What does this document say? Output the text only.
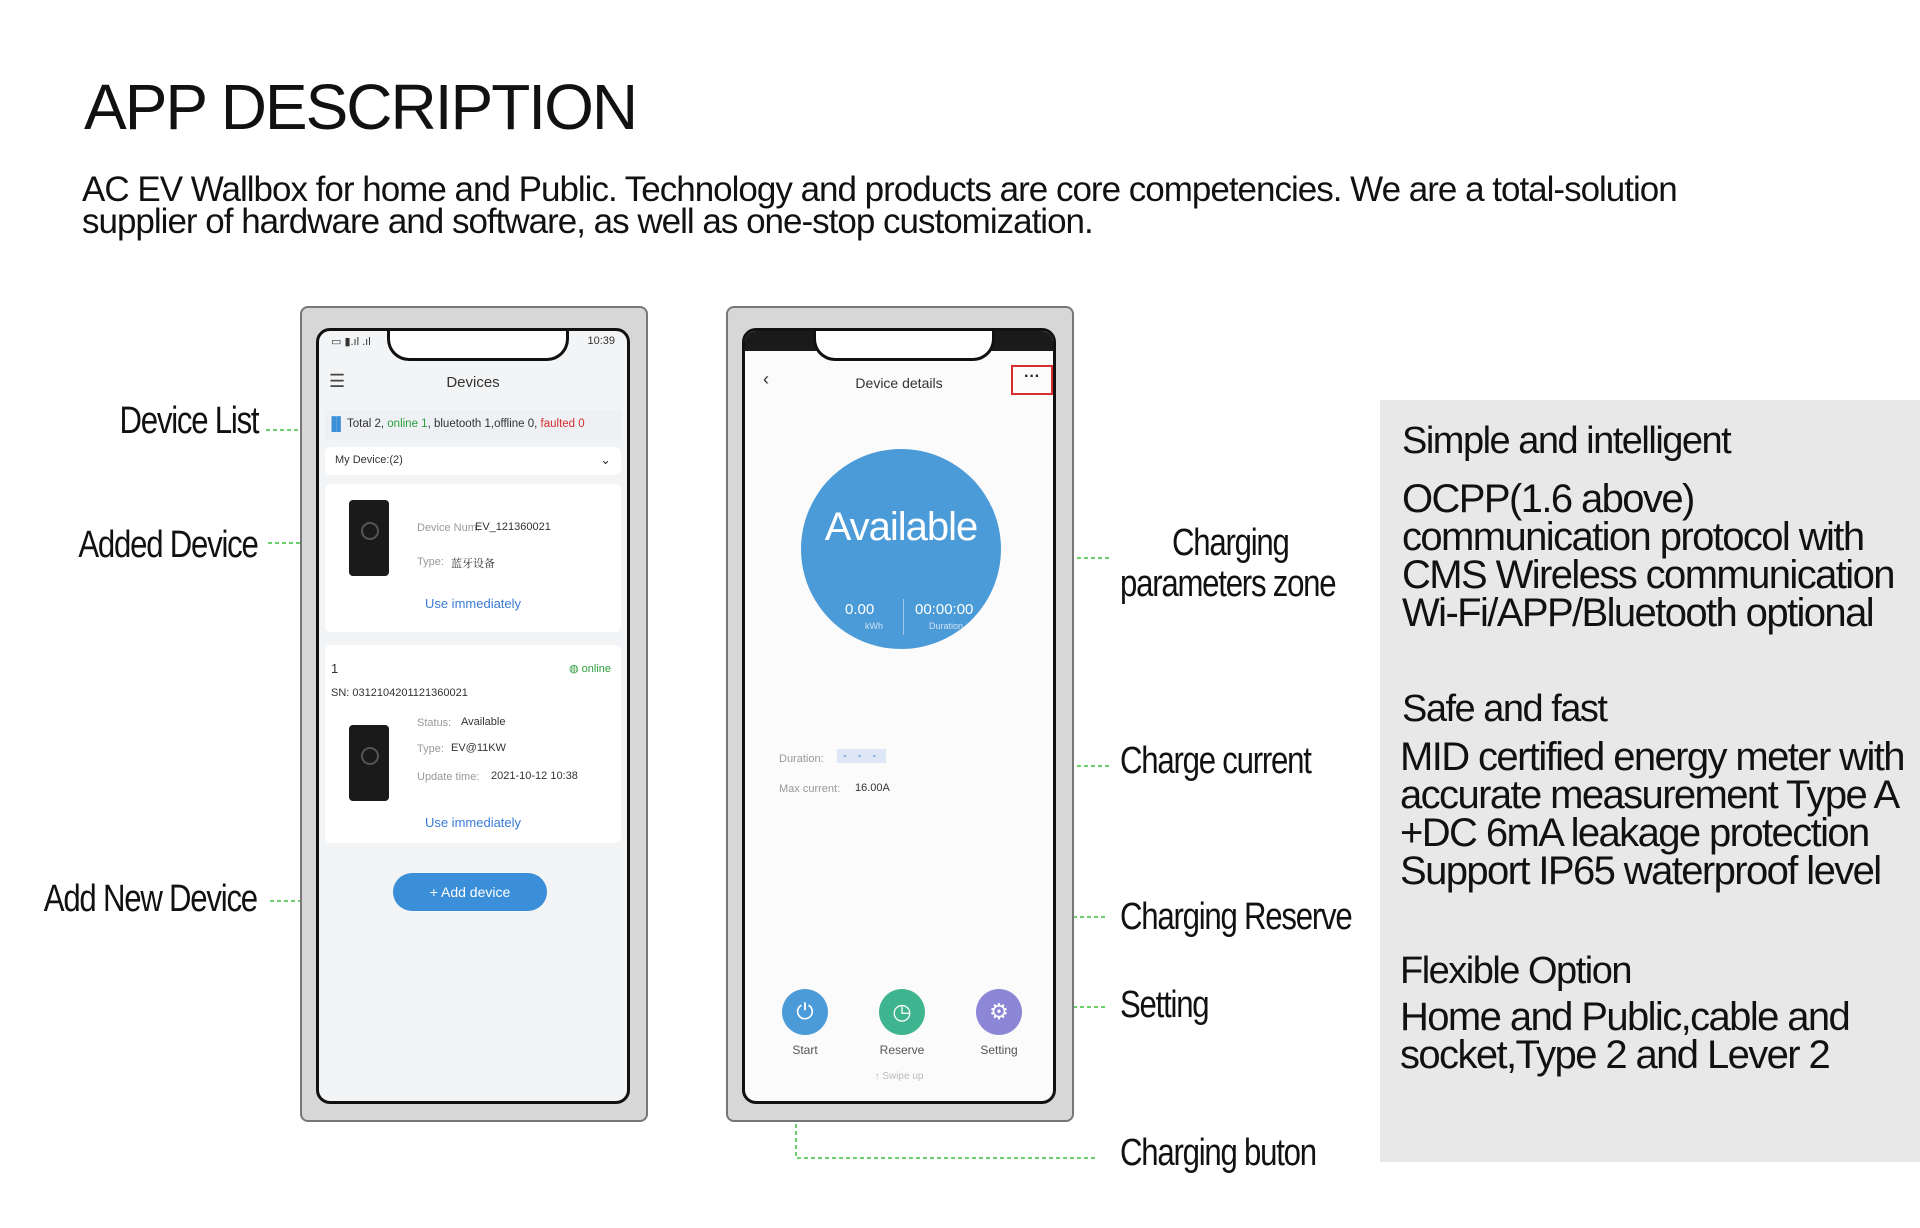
APP DESCRIPTION
AC EV Wallbox for home and Public. Technology and products are core competencies. We are a total-solution supplier of hardware and software, as well as one-stop customization.
Device List
Added Device
Add New Device
Charging
parameters zone
Charge current
Charging Reserve
Setting
Charging buton
▭ ▮.ıl .ıl	10:39
☰	Devices
▐▌ Total 2, online 1, bluetooth 1,offline 0, faulted 0
My Device:(2)	⌄
Device Num:
EV_121360021
Type: 蓝牙设备
Use immediately
1	◍ online
SN: 0312104201121360021
Status: Available
Type: EV@11KW
Update time: 2021-10-12 10:38
Use immediately
+ Add device
‹	Device details	···
Available
0.00
kWh
00:00:00
Duration
Duration:	- - -
Max current: 16.00A
⏻
Start
◷
Reserve
⚙
Setting
↑ Swipe up
Simple and intelligent
OCPP(1.6 above)
communication protocol with
CMS Wireless communication
Wi-Fi/APP/Bluetooth optional
Safe and fast
MID certified energy meter with
accurate measurement Type A
+DC 6mA leakage protection
Support IP65 waterproof level
Flexible Option
Home and Public,cable and
socket,Type 2 and Lever 2
